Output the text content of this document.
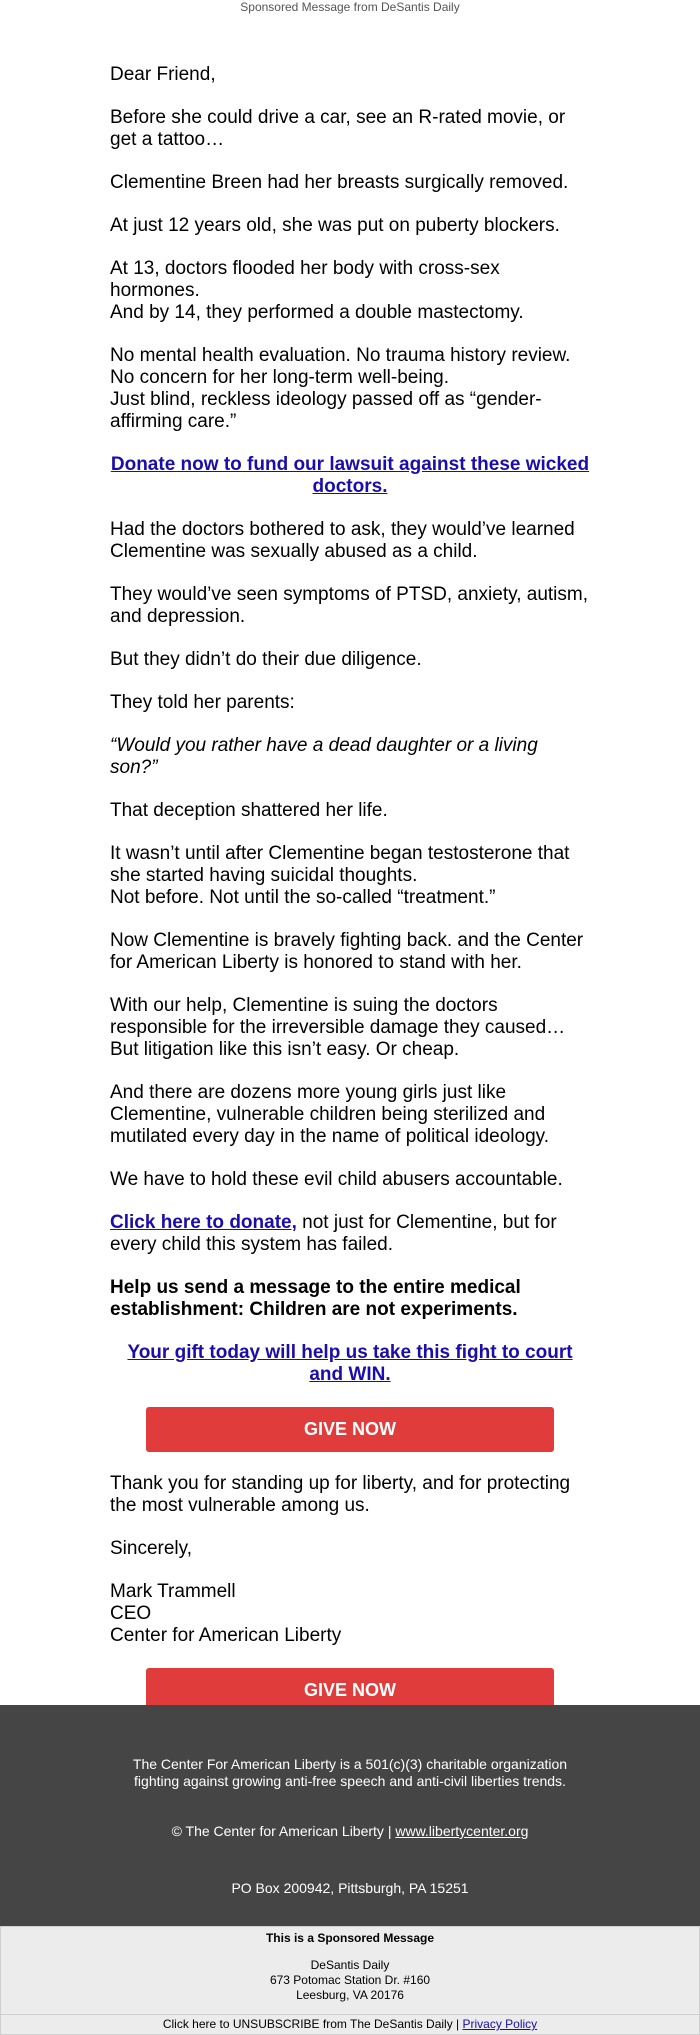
Sponsored Message from DeSantis Daily

Dear Friend,

Before she could drive a car, see an R-rated movie, or get a tattoo…

Clementine Breen had her breasts surgically removed.

At just 12 years old, she was put on puberty blockers.

At 13, doctors flooded her body with cross-sex hormones.
And by 14, they performed a double mastectomy.

No mental health evaluation. No trauma history review. No concern for her long-term well-being.
Just blind, reckless ideology passed off as “gender-affirming care.”

Donate now to fund our lawsuit against these wicked doctors.

Had the doctors bothered to ask, they would’ve learned Clementine was sexually abused as a child.

They would’ve seen symptoms of PTSD, anxiety, autism, and depression.

But they didn’t do their due diligence.

They told her parents:

“Would you rather have a dead daughter or a living son?”

That deception shattered her life.

It wasn’t until after Clementine began testosterone that she started having suicidal thoughts.
Not before. Not until the so-called “treatment.”

Now Clementine is bravely fighting back. and the Center for American Liberty is honored to stand with her.

With our help, Clementine is suing the doctors responsible for the irreversible damage they caused…But litigation like this isn’t easy. Or cheap.

And there are dozens more young girls just like Clementine, vulnerable children being sterilized and mutilated every day in the name of political ideology.

We have to hold these evil child abusers accountable.

Click here to donate, not just for Clementine, but for every child this system has failed.

Help us send a message to the entire medical establishment: Children are not experiments.

Your gift today will help us take this fight to court and WIN.
GIVE NOW

Thank you for standing up for liberty, and for protecting the most vulnerable among us.

Sincerely,

Mark Trammell
CEO
Center for American Liberty

GIVE NOW
The Center For American Liberty is a 501(c)(3) charitable organization fighting against growing anti-free speech and anti-civil liberties trends.
© The Center for American Liberty | www.libertycenter.org
PO Box 200942, Pittsburgh, PA 15251
This is a Sponsored Message
DeSantis Daily
673 Potomac Station Dr. #160
Leesburg, VA 20176
Click here to UNSUBSCRIBE from The DeSantis Daily | Privacy Policy
